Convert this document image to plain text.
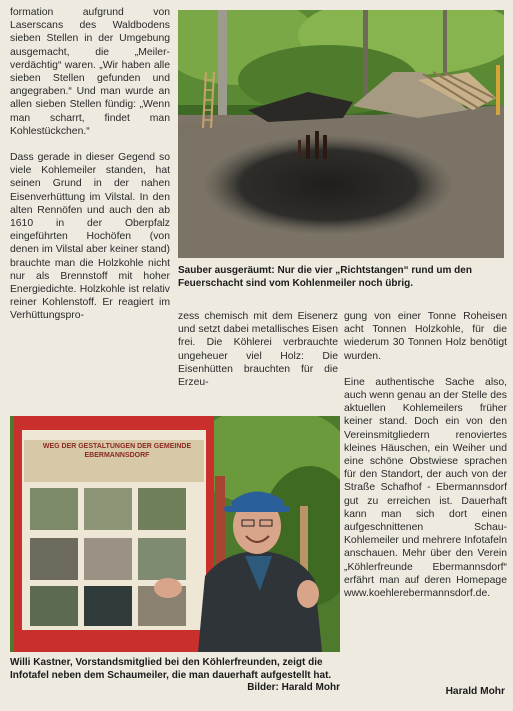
formation aufgrund von Laserscans des Waldbodens sieben Stellen in der Umgebung ausgemacht, die „Meiler-verdächtig“ waren. „Wir haben alle sieben Stellen gefunden und angegraben.“ Und man wurde an allen sieben Stellen fündig: „Wenn man scharrt, findet man Kohlestückchen.“

Dass gerade in dieser Gegend so viele Kohlemeiler standen, hat seinen Grund in der nahen Eisenverhüttung im Vilstal. In den alten Rennöfen und auch den ab 1610 in der Oberpfalz eingeführten Hochöfen (von denen im Vilstal aber keiner stand) brauchte man die Holzkohle nicht nur als Brennstoff mit hoher Energiedichte. Holzkohle ist relativ reiner Kohlenstoff. Er reagiert im Verhüttungspro-

Sauber ausgeräumt: Nur die vier „Richtstangen“ rund um den Feuerschacht sind vom Kohlenmeiler noch übrig.

zess chemisch mit dem Eisenerz und setzt dabei metallisches Eisen frei. Die Köhlerei verbrauchte ungeheuer viel Holz: Die Eisenhütten brauchten für die Erzeu-

gung von einer Tonne Roheisen acht Tonnen Holzkohle, für die wiederum 30 Tonnen Holz benötigt wurden.

Eine authentische Sache also, auch wenn genau an der Stelle des aktuellen Kohlemeilers früher keiner stand. Doch ein von den Vereinsmitgliedern renoviertes kleines Häuschen, ein Weiher und eine schöne Obstwiese sprachen für den Standort, der auch von der Straße Schafhof - Ebermannsdorf gut zu erreichen ist. Dauerhaft kann man sich dort einen aufgeschnittenen Schau-Kohlemeiler und mehrere Infotafeln anschauen. Mehr über den Verein „Köhlerfreunde Ebermannsdorf“ erfährt man auf deren Homepage www.koehlerebermannsdorf.de.

WEG DER GESTALTUNGEN DER GEMEINDE EBERMANNSDORF
Willi Kastner, Vorstandsmitglied bei den Köhlerfreunden, zeigt die Infotafel neben dem Schaumeiler, die man dauerhaft aufgestellt hat.
Bilder: Harald Mohr	Harald Mohr
